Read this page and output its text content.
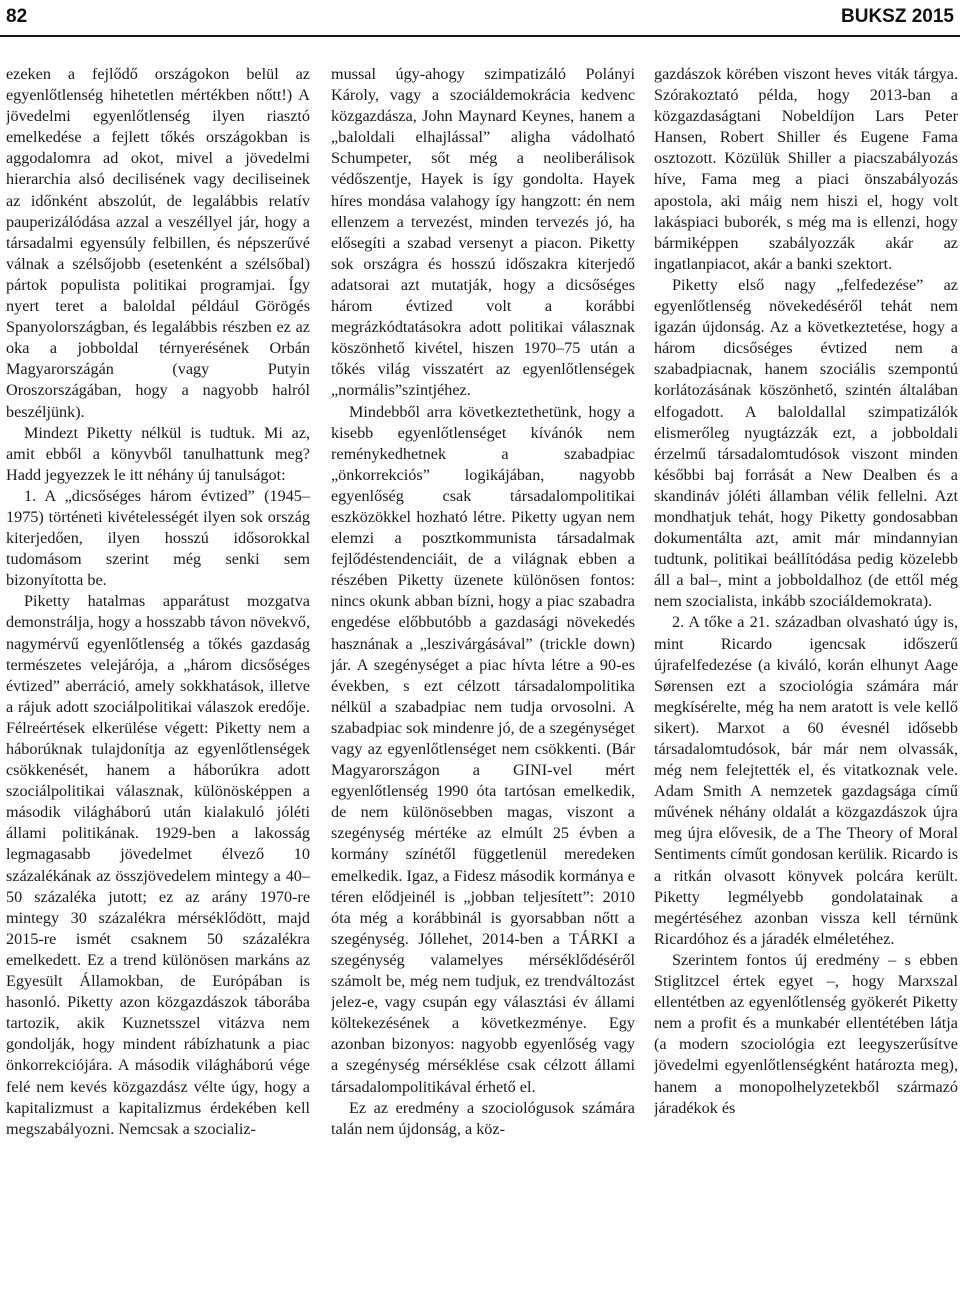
82	BUKSZ 2015

ezeken a fejlődő országokon belül az egyenlőtlenség hihetetlen mértékben nőtt!) A jövedelmi egyenlőtlenség ilyen riasztó emelkedése a fejlett tőkés országokban is aggodalomra ad okot, mivel a jövedelmi hierarchia alsó decilisének vagy deciliseinek az időnként abszolút, de legalábbis relatív pauperizálódása azzal a veszéllyel jár, hogy a társadalmi egyensúly felbillen, és népszerűvé válnak a szélsőjobb (esetenként a szélsőbal) pártok populista politikai programjai. Így nyert teret a baloldal például Görögés Spanyolországban, és legalábbis részben ez az oka a jobboldal térnyerésének Orbán Magyarországán (vagy Putyin Oroszországában, hogy a nagyobb halról beszéljünk).

Mindezt Piketty nélkül is tudtuk. Mi az, amit ebből a könyvből tanulhattunk meg? Hadd jegyezzek le itt néhány új tanulságot:

1. A „dicsőséges három évtized” (1945–1975) történeti kivételességét ilyen sok ország kiterjedően, ilyen hosszú idősorokkal tudomásom szerint még senki sem bizonyította be.

Piketty hatalmas apparátust mozgatva demonstrálja, hogy a hosszabb távon növekvő, nagymérvű egyenlőtlenség a tőkés gazdaság természetes velejárója, a „három dicsőséges évtized” aberráció, amely sokkhatások, illetve a rájuk adott szociálpolitikai válaszok eredője. Félreértések elkerülése végett: Piketty nem a háborúknak tulajdonítja az egyenlőtlenségek csökkenését, hanem a háborúkra adott szociálpolitikai válasznak, különösképpen a második világháború után kialakuló jóléti állami politikának. 1929-ben a lakosság legmagasabb jövedelmet élvező 10 százalékának az összjövedelem mintegy a 40–50 százaléka jutott; ez az arány 1970-re mintegy 30 százalékra mérséklődött, majd 2015-re ismét csaknem 50 százalékra emelkedett. Ez a trend különösen markáns az Egyesült Államokban, de Európában is hasonló. Piketty azon közgazdászok táborába tartozik, akik Kuznetsszel vitázva nem gondolják, hogy mindent rábízhatunk a piac önkorrekciójára. A második világháború vége felé nem kevés közgazdász vélte úgy, hogy a kapitalizmust a kapitalizmus érdekében kell megszabályozni. Nemcsak a szocializ-

mussal úgy-ahogy szimpatizáló Polányi Károly, vagy a szociáldemokrácia kedvenc közgazdásza, John Maynard Keynes, hanem a „baloldali elhajlással” aligha vádolható Schumpeter, sőt még a neoliberálisok védőszentje, Hayek is így gondolta. Hayek híres mondása valahogy így hangzott: én nem ellenzem a tervezést, minden tervezés jó, ha elősegíti a szabad versenyt a piacon. Piketty sok országra és hosszú időszakra kiterjedő adatsorai azt mutatják, hogy a dicsőséges három évtized volt a korábbi megrázkódtatásokra adott politikai válasznak köszönhető kivétel, hiszen 1970–75 után a tőkés világ visszatért az egyenlőtlenségek „normális”szintjéhez.

Mindebből arra következtethetünk, hogy a kisebb egyenlőtlenséget kívánók nem reménykedhetnek a szabadpiac „önkorrekciós” logikájában, nagyobb egyenlőség csak társadalompolitikai eszközökkel hozható létre. Piketty ugyan nem elemzi a posztkommunista társadalmak fejlődéstendenciáit, de a világnak ebben a részében Piketty üzenete különösen fontos: nincs okunk abban bízni, hogy a piac szabadra engedése előbbutóbb a gazdasági növekedés hasznának a „leszivárgásával” (trickle down) jár. A szegénységet a piac hívta létre a 90-es években, s ezt célzott társadalompolitika nélkül a szabadpiac nem tudja orvosolni. A szabadpiac sok mindenre jó, de a szegénységet vagy az egyenlőtlenséget nem csökkenti. (Bár Magyarországon a GINI-vel mért egyenlőtlenség 1990 óta tartósan emelkedik, de nem különösebben magas, viszont a szegénység mértéke az elmúlt 25 évben a kormány színétől függetlenül meredeken emelkedik. Igaz, a Fidesz második kormánya e téren elődjeinél is „jobban teljesített”: 2010 óta még a korábbinál is gyorsabban nőtt a szegénység. Jóllehet, 2014-ben a TÁRKI a szegénység valamelyes mérséklődéséről számolt be, még nem tudjuk, ez trendváltozást jelez-e, vagy csupán egy választási év állami költekezésének a következménye. Egy azonban bizonyos: nagyobb egyenlőség vagy a szegénység mérséklése csak célzott állami társadalompolitikával érhető el.

Ez az eredmény a szociológusok számára talán nem újdonság, a köz-

gazdászok körében viszont heves viták tárgya. Szórakoztató példa, hogy 2013-ban a közgazdaságtani Nobeldíjon Lars Peter Hansen, Robert Shiller és Eugene Fama osztozott. Közülük Shiller a piacszabályozás híve, Fama meg a piaci önszabályozás apostola, aki máig nem hiszi el, hogy volt lakáspiaci buborék, s még ma is ellenzi, hogy bármiképpen szabályozzák akár az ingatlanpiacot, akár a banki szektort.

Piketty első nagy „felfedezése” az egyenlőtlenség növekedéséről tehát nem igazán újdonság. Az a következtetése, hogy a három dicsőséges évtized nem a szabadpiacnak, hanem szociális szempontú korlátozásának köszönhető, szintén általában elfogadott. A baloldallal szimpatizálók elismerőleg nyugtázzák ezt, a jobboldali érzelmű társadalomtudósok viszont minden későbbi baj forrását a New Dealben és a skandináv jóléti államban vélik fellelni. Azt mondhatjuk tehát, hogy Piketty gondosabban dokumentálta azt, amit már mindannyian tudtunk, politikai beállítódása pedig közelebb áll a bal–, mint a jobboldalhoz (de ettől még nem szocialista, inkább szociáldemokrata).

2. A tőke a 21. században olvasható úgy is, mint Ricardo igencsak időszerű újrafelfedezése (a kiváló, korán elhunyt Aage Sørensen ezt a szociológia számára már megkísérelte, még ha nem aratott is vele kellő sikert). Marxot a 60 évesnél idősebb társadalomtudósok, bár már nem olvassák, még nem felejtették el, és vitatkoznak vele. Adam Smith A nemzetek gazdagsága című művének néhány oldalát a közgazdászok újra meg újra elővesik, de a The Theory of Moral Sentiments címűt gondosan kerülik. Ricardo is a ritkán olvasott könyvek polcára került. Piketty legmélyebb gondolatainak a megértéséhez azonban vissza kell térnünk Ricardóhoz és a járadék elméletéhez.

Szerintem fontos új eredmény – s ebben Stiglitzcel értek egyet –, hogy Marxszal ellentétben az egyenlőtlenség gyökerét Piketty nem a profit és a munkabér ellentétében látja (a modern szociológia ezt leegyszerűsítve jövedelmi egyenlőtlenségként határozta meg), hanem a monopolhelyzetekből származó járadékok és
